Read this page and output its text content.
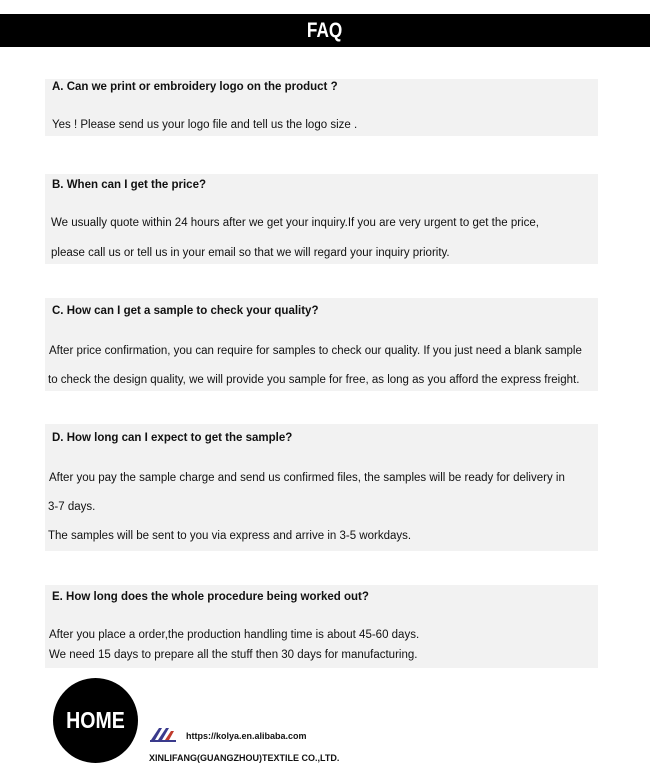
FAQ
A. Can we print or embroidery logo on the product ?
Yes ! Please send us your logo file and tell us the logo size .
B. When can I get the price?
We usually quote within 24 hours after we get your inquiry.If you are very urgent to get the price,
please call us or tell us in your email so that we will regard your inquiry priority.
C. How can I get a sample to check your quality?
After price confirmation, you can require for samples to check our quality. If you just need a blank sample
to check the design quality, we will provide you sample for free, as long as you afford the express freight.
D. How long can I expect to get the sample?
After you pay the sample charge and send us confirmed files, the samples will be ready for delivery in
3-7 days.
The samples will be sent to you via express and arrive in 3-5 workdays.
E. How long does the whole procedure being worked out?
After you place a order,the production handling time is about 45-60 days.
We need 15 days to prepare all the stuff then 30 days for manufacturing.
HOME
https://kolya.en.alibaba.com
XINLIFANG(GUANGZHOU)TEXTILE CO.,LTD.
